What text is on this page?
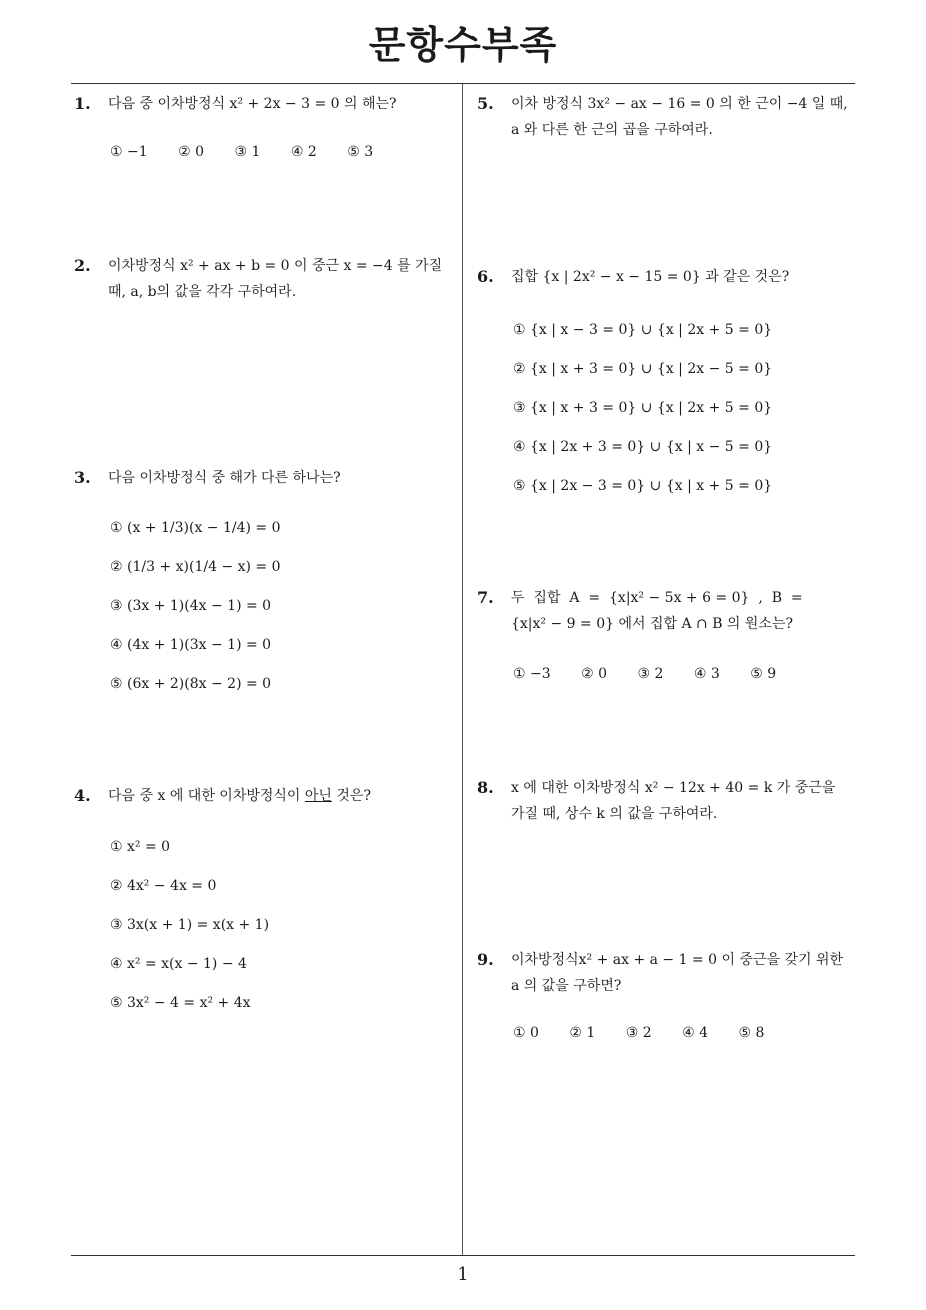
문항수부족
1
1. 다음 중 이차방정식 x² + 2x − 3 = 0 의 해는?
① −1 ② 0 ③ 1 ④ 2 ⑤ 3
2. 이차방정식 x² + ax + b = 0 이 중근 x = −4 를 가질
때, a, b의 값을 각각 구하여라.
3. 다음 이차방정식 중 해가 다른 하나는?
① (x + 1/3)(x − 1/4) = 0
② (1/3 + x)(1/4 − x) = 0
③ (3x + 1)(4x − 1) = 0
④ (4x + 1)(3x − 1) = 0
⑤ (6x + 2)(8x − 2) = 0
4. 다음 중 x 에 대한 이차방정식이 아닌 것은?
① x² = 0
② 4x² − 4x = 0
③ 3x(x + 1) = x(x + 1)
④ x² = x(x − 1) − 4
⑤ 3x² − 4 = x² + 4x
5. 이차 방정식 3x² − ax − 16 = 0 의 한 근이 −4 일 때,
a 와 다른 한 근의 곱을 구하여라.
6. 집합 {x | 2x² − x − 15 = 0} 과 같은 것은?
① {x | x − 3 = 0} ∪ {x | 2x + 5 = 0}
② {x | x + 3 = 0} ∪ {x | 2x − 5 = 0}
③ {x | x + 3 = 0} ∪ {x | 2x + 5 = 0}
④ {x | 2x + 3 = 0} ∪ {x | x − 5 = 0}
⑤ {x | 2x − 3 = 0} ∪ {x | x + 5 = 0}
7. 두  집합  A  =  {x|x² − 5x + 6 = 0}  ,  B  =
{x|x² − 9 = 0} 에서 집합 A ∩ B 의 원소는?
① −3 ② 0 ③ 2 ④ 3 ⑤ 9
8. x 에 대한 이차방정식 x² − 12x + 40 = k 가 중근을
가질 때, 상수 k 의 값을 구하여라.
9. 이차방정식x² + ax + a − 1 = 0 이 중근을 갖기 위한
a 의 값을 구하면?
① 0 ② 1 ③ 2 ④ 4 ⑤ 8
